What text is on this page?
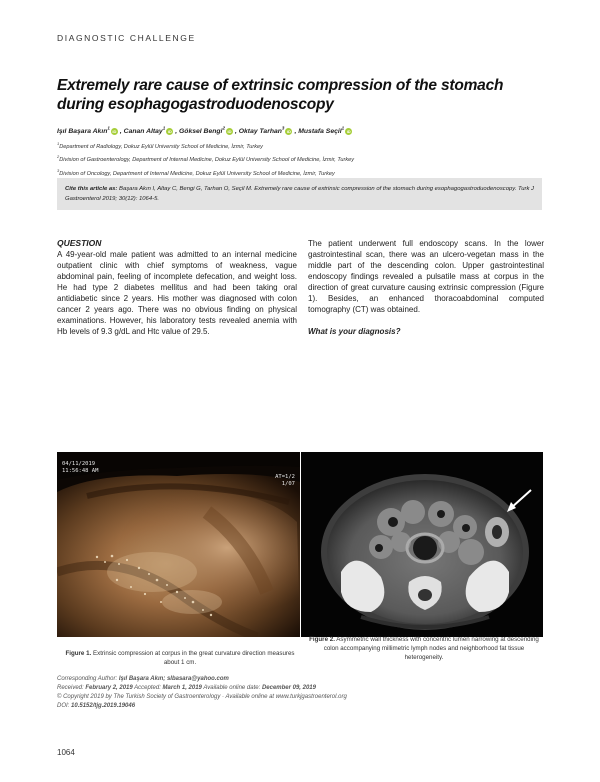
DIAGNOSTIC CHALLENGE
Extremely rare cause of extrinsic compression of the stomach during esophagogastroduodenoscopy
Işıl Başara Akın$^1$iD , Canan Altay$^1$iD , Göksel Bengi$^2$iD , Oktay Tarhan$^3$iD , Mustafa Seçil$^1$iD
$^1$Department of Radiology, Dokuz Eylül University School of Medicine, İzmir, Turkey
$^2$Division of Gastroenterology, Department of Internal Medicine, Dokuz Eylül University School of Medicine, İzmir, Turkey
$^3$Division of Oncology, Department of Internal Medicine, Dokuz Eylül University School of Medicine, İzmir, Turkey
Cite this article as: Başara Akın I, Altay C, Bengi G, Tarhan O, Seçil M. Extremely rare cause of extrinsic compression of the stomach during esophagogastroduodenoscopy. Turk J Gastroenterol 2019; 30(12): 1064-5.
QUESTION

A 49-year-old male patient was admitted to an internal medicine outpatient clinic with chief symptoms of weakness, vague abdominal pain, feeling of incomplete defecation, and weight loss. He had type 2 diabetes mellitus and had been taking oral antidiabetic since 2 years. His mother was diagnosed with colon cancer 2 years ago. There was no obvious finding on physical examinations. However, his laboratory tests revealed anemia with Hb levels of 9.3 g/dL and Htc value of 29.5.

The patient underwent full endoscopy scans. In the lower gastrointestinal scan, there was an ulcero-vegetan mass in the middle part of the descending colon. Upper gastrointestinal endoscopy findings revealed a pulsatile mass at corpus in the direction of great curvature causing extrinsic compression (Figure 1). Besides, an enhanced thoracoabdominal computed tomography (CT) was obtained.

What is your diagnosis?

04/11/2019
11:56:48 AM
AT=1/2
1/07
Figure 1. Extrinsic compression at corpus in the great curvature direction measures about 1 cm.
Figure 2. Asymmetric wall thickness with concentric lumen narrowing at descending colon accompanying millimetric lymph nodes and neighborhood fat tissue heterogeneity.
Corresponding Author: Işıl Başara Akın; slbasara@yahoo.com
Received: February 2, 2019 Accepted: March 1, 2019 Available online date: December 09, 2019
© Copyright 2019 by The Turkish Society of Gastroenterology · Available online at www.turkjgastroenterol.org
DOI: 10.5152/tjg.2019.19046
1064
